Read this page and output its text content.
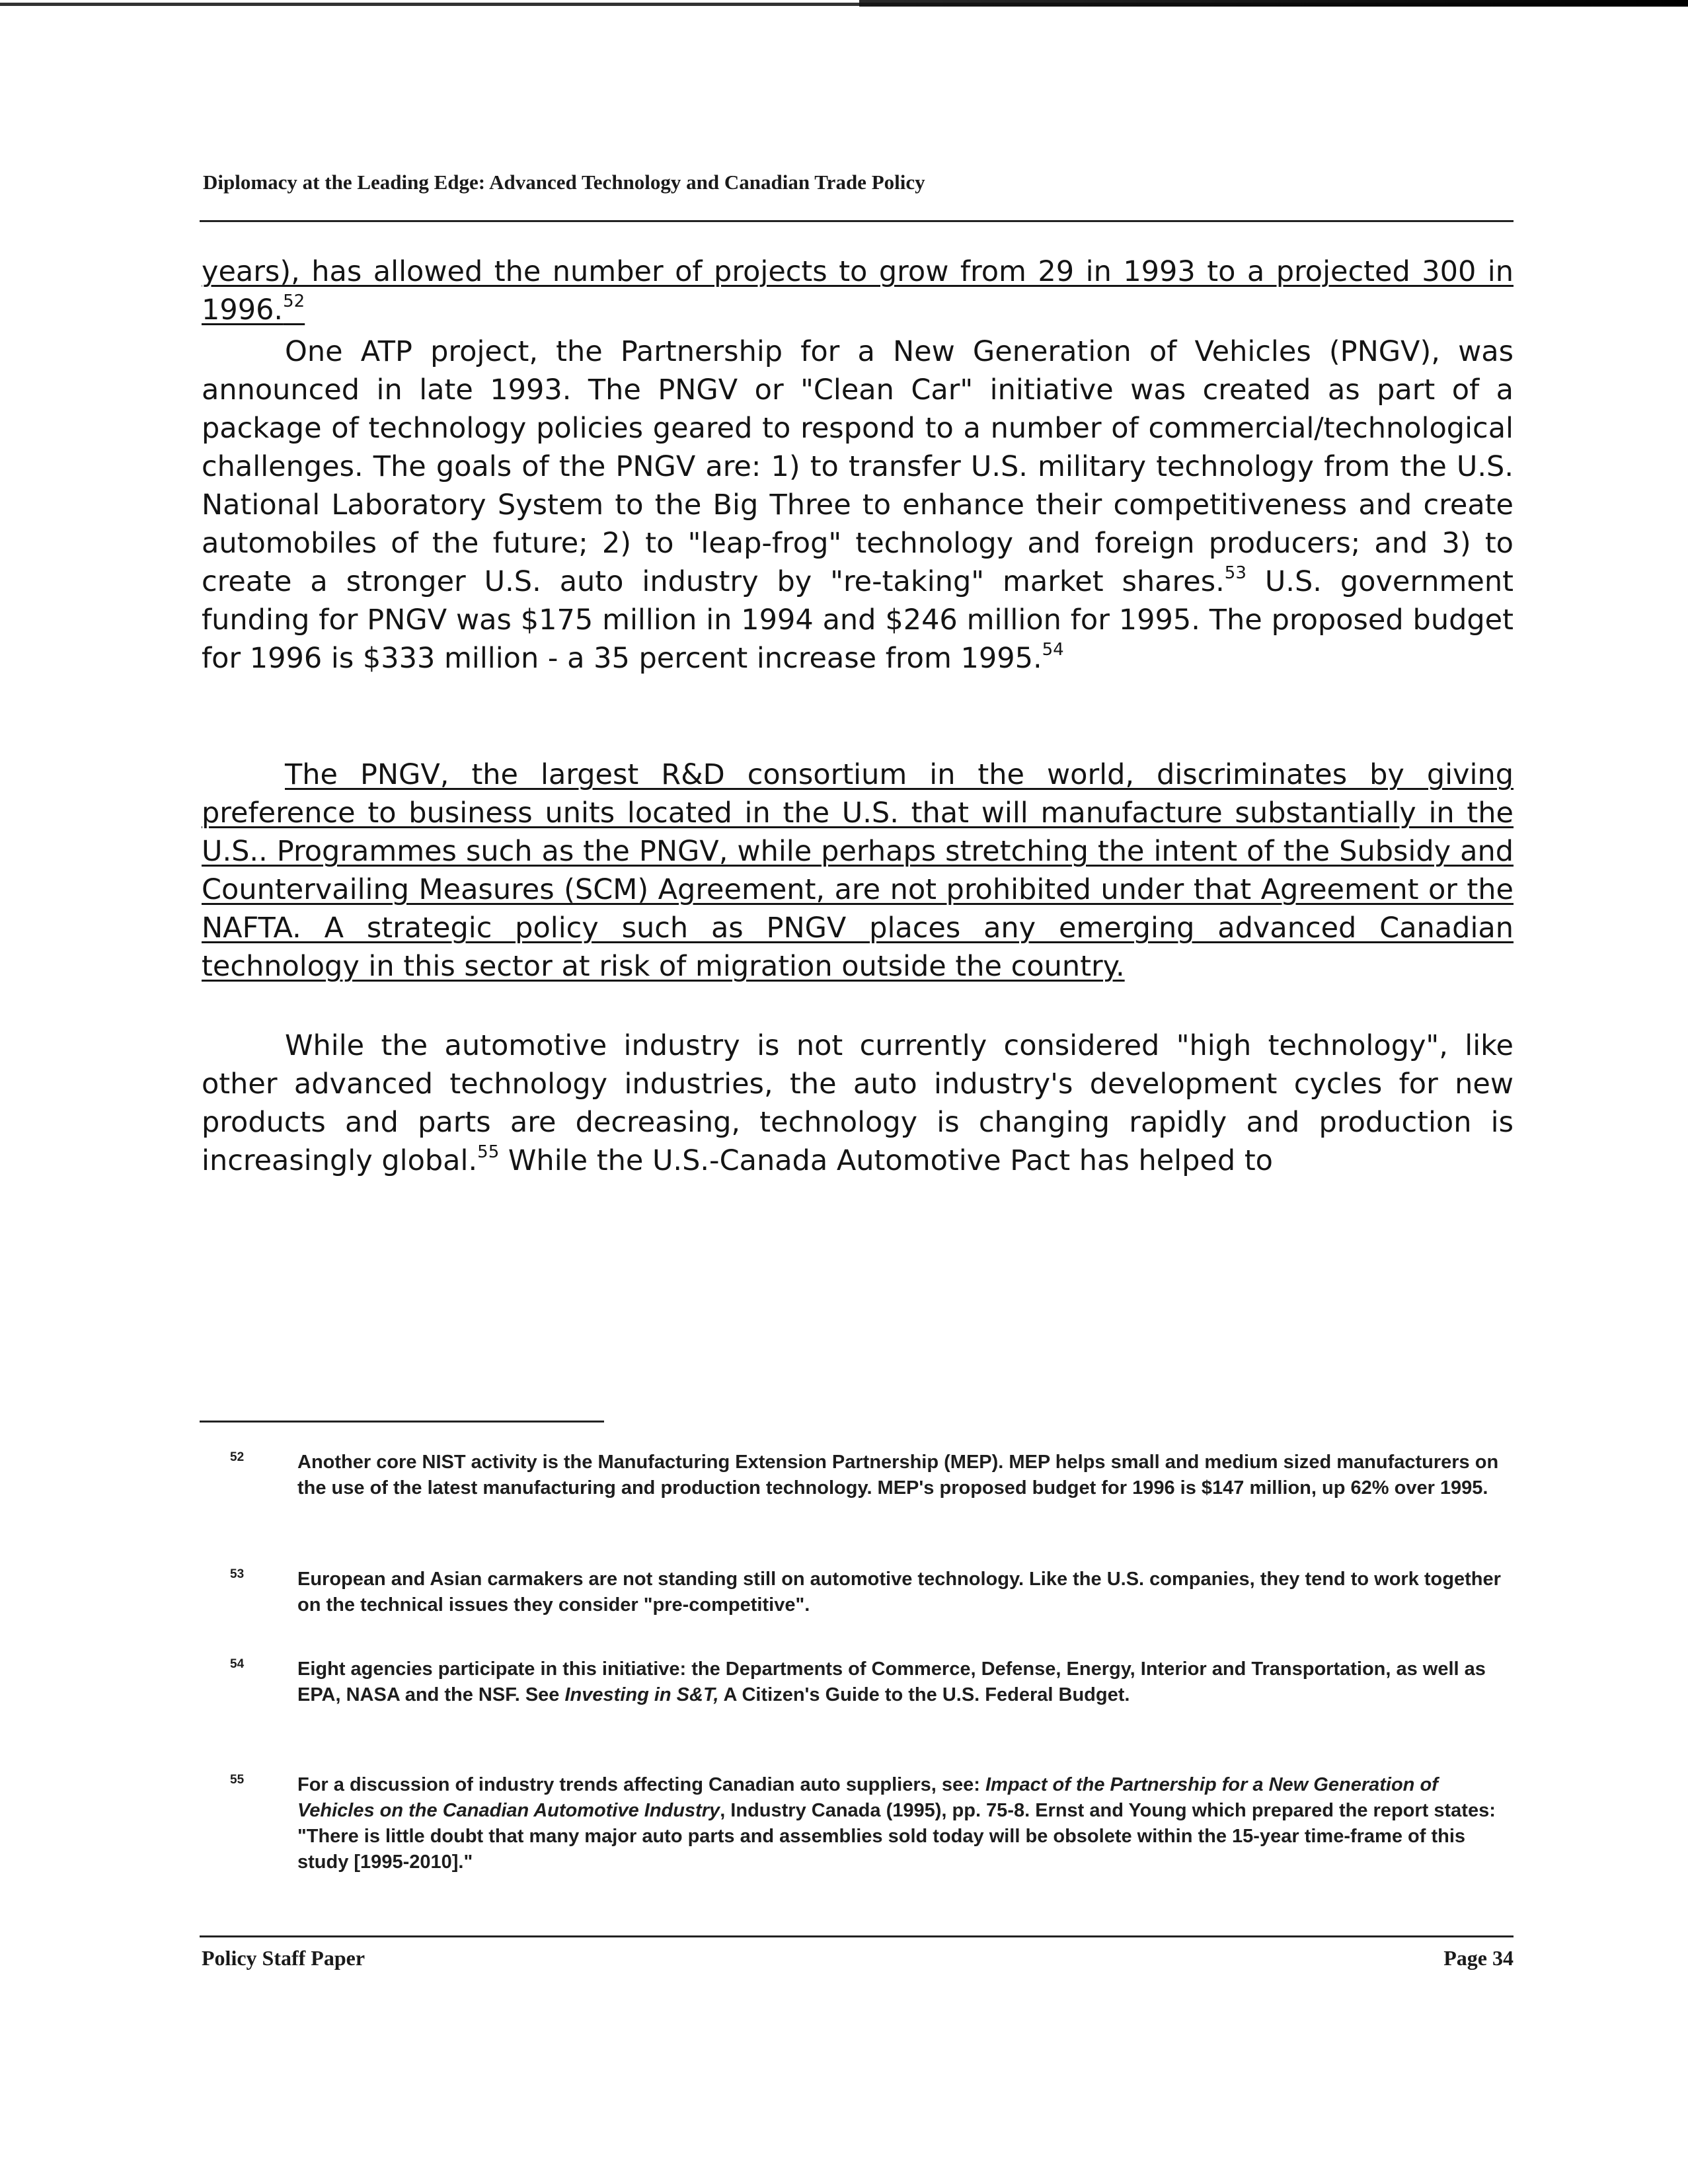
Diplomacy at the Leading Edge: Advanced Technology and Canadian Trade Policy
years), has allowed the number of projects to grow from 29 in 1993 to a projected 300 in 1996.52
One ATP project, the Partnership for a New Generation of Vehicles (PNGV), was announced in late 1993. The PNGV or "Clean Car" initiative was created as part of a package of technology policies geared to respond to a number of commercial/technological challenges. The goals of the PNGV are: 1) to transfer U.S. military technology from the U.S. National Laboratory System to the Big Three to enhance their competitiveness and create automobiles of the future; 2) to "leap-frog" technology and foreign producers; and 3) to create a stronger U.S. auto industry by "re-taking" market shares.$^{53}$ U.S. government funding for PNGV was $175 million in 1994 and $246 million for 1995. The proposed budget for 1996 is $333 million - a 35 percent increase from 1995.54
The PNGV, the largest R&D consortium in the world, discriminates by giving preference to business units located in the U.S. that will manufacture substantially in the U.S.. Programmes such as the PNGV, while perhaps stretching the intent of the Subsidy and Countervailing Measures (SCM) Agreement, are not prohibited under that Agreement or the NAFTA. A strategic policy such as PNGV places any emerging advanced Canadian technology in this sector at risk of migration outside the country.
While the automotive industry is not currently considered "high technology", like other advanced technology industries, the auto industry's development cycles for new products and parts are decreasing, technology is changing rapidly and production is increasingly global.$^{55}$ While the U.S.-Canada Automotive Pact has helped to
52	Another core NIST activity is the Manufacturing Extension Partnership (MEP). MEP helps small and medium sized manufacturers on the use of the latest manufacturing and production technology. MEP's proposed budget for 1996 is $147 million, up 62% over 1995.
53	European and Asian carmakers are not standing still on automotive technology. Like the U.S. companies, they tend to work together on the technical issues they consider "pre-competitive".
54	Eight agencies participate in this initiative: the Departments of Commerce, Defense, Energy, Interior and Transportation, as well as EPA, NASA and the NSF. See Investing in S&T, A Citizen's Guide to the U.S. Federal Budget.
55	For a discussion of industry trends affecting Canadian auto suppliers, see: Impact of the Partnership for a New Generation of Vehicles on the Canadian Automotive Industry, Industry Canada (1995), pp. 75-8. Ernst and Young which prepared the report states: "There is little doubt that many major auto parts and assemblies sold today will be obsolete within the 15-year time-frame of this study [1995-2010]."
Policy Staff Paper	Page 34
